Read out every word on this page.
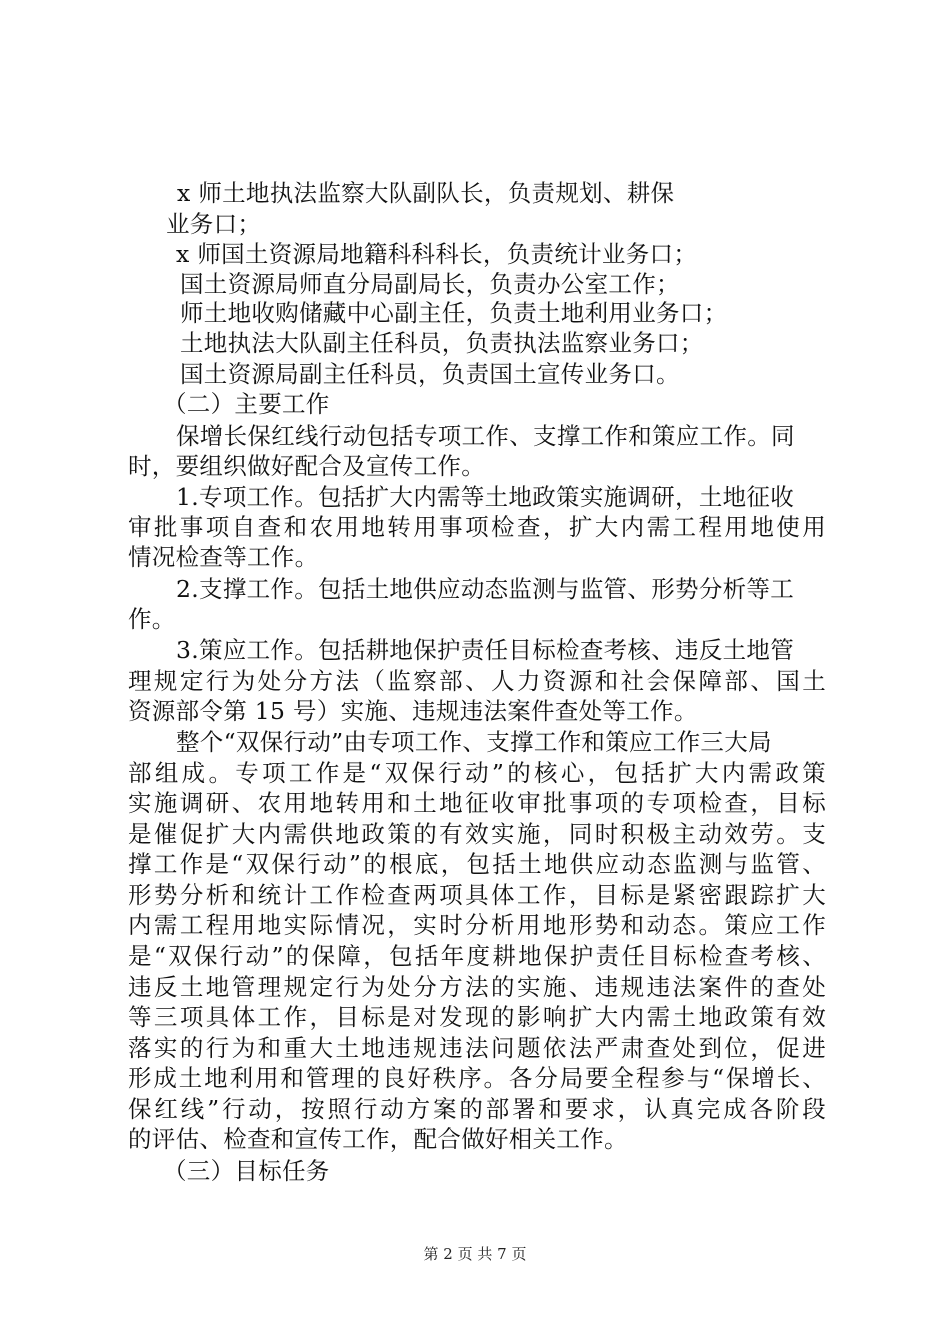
x 师土地执法监察大队副队长，负责规划、耕保
业务口；
x 师国土资源局地籍科科科长，负责统计业务口；
国土资源局师直分局副局长，负责办公室工作；
师土地收购储藏中心副主任，负责土地利用业务口；
土地执法大队副主任科员，负责执法监察业务口；
国土资源局副主任科员，负责国土宣传业务口。
（二）主要工作
保增长保红线行动包括专项工作、支撑工作和策应工作。同
时，要组织做好配合及宣传工作。
1.专项工作。包括扩大内需等土地政策实施调研，土地征收
审批事项自查和农用地转用事项检查，扩大内需工程用地使用
情况检查等工作。
2.支撑工作。包括土地供应动态监测与监管、形势分析等工
作。
3.策应工作。包括耕地保护责任目标检查考核、违反土地管
理规定行为处分方法（监察部、人力资源和社会保障部、国土
资源部令第 15 号）实施、违规违法案件查处等工作。
整个“双保行动”由专项工作、支撑工作和策应工作三大局
部组成。专项工作是“双保行动”的核心，包括扩大内需政策
实施调研、农用地转用和土地征收审批事项的专项检查，目标
是催促扩大内需供地政策的有效实施，同时积极主动效劳。支
撑工作是“双保行动”的根底，包括土地供应动态监测与监管、
形势分析和统计工作检查两项具体工作，目标是紧密跟踪扩大
内需工程用地实际情况，实时分析用地形势和动态。策应工作
是“双保行动”的保障，包括年度耕地保护责任目标检查考核、
违反土地管理规定行为处分方法的实施、违规违法案件的查处
等三项具体工作，目标是对发现的影响扩大内需土地政策有效
落实的行为和重大土地违规违法问题依法严肃查处到位，促进
形成土地利用和管理的良好秩序。各分局要全程参与“保增长、
保红线”行动，按照行动方案的部署和要求，认真完成各阶段
的评估、检查和宣传工作，配合做好相关工作。
（三）目标任务
第 2 页 共 7 页
